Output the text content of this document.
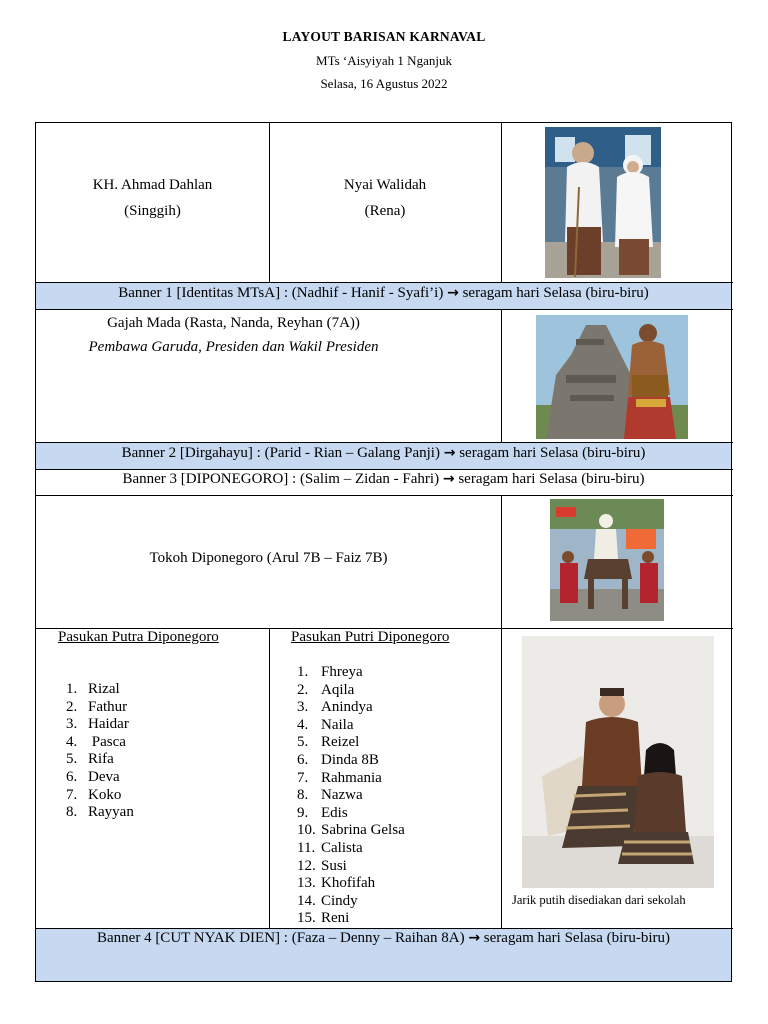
LAYOUT BARISAN KARNAVAL
MTs ‘Aisyiyah 1 Nganjuk
Selasa, 16 Agustus 2022
KH. Ahmad Dahlan
(Singgih)
Nyai Walidah
(Rena)
Banner 1 [Identitas MTsA] : (Nadhif - Hanif - Syafi’i) → seragam hari Selasa (biru-biru)
Gajah Mada (Rasta, Nanda, Reyhan (7A))
Pembawa Garuda, Presiden dan Wakil Presiden
Banner 2 [Dirgahayu] : (Parid - Rian – Galang Panji) → seragam hari Selasa (biru-biru)
Banner 3 [DIPONEGORO] : (Salim – Zidan - Fahri) → seragam hari Selasa (biru-biru)
Tokoh Diponegoro (Arul 7B – Faiz 7B)
Pasukan Putra Diponegoro
1. Rizal
2. Fathur
3. Haidar
4. Pasca
5. Rifa
6. Deva
7. Koko
8. Rayyan
Pasukan Putri Diponegoro
1. Fhreya
2. Aqila
3. Anindya
4. Naila
5. Reizel
6. Dinda 8B
7. Rahmania
8. Nazwa
9. Edis
10. Sabrina Gelsa
11. Calista
12. Susi
13. Khofifah
14. Cindy
15. Reni
Jarik putih disediakan dari sekolah
Banner 4 [CUT NYAK DIEN] : (Faza – Denny – Raihan 8A) → seragam hari Selasa (biru-biru)
